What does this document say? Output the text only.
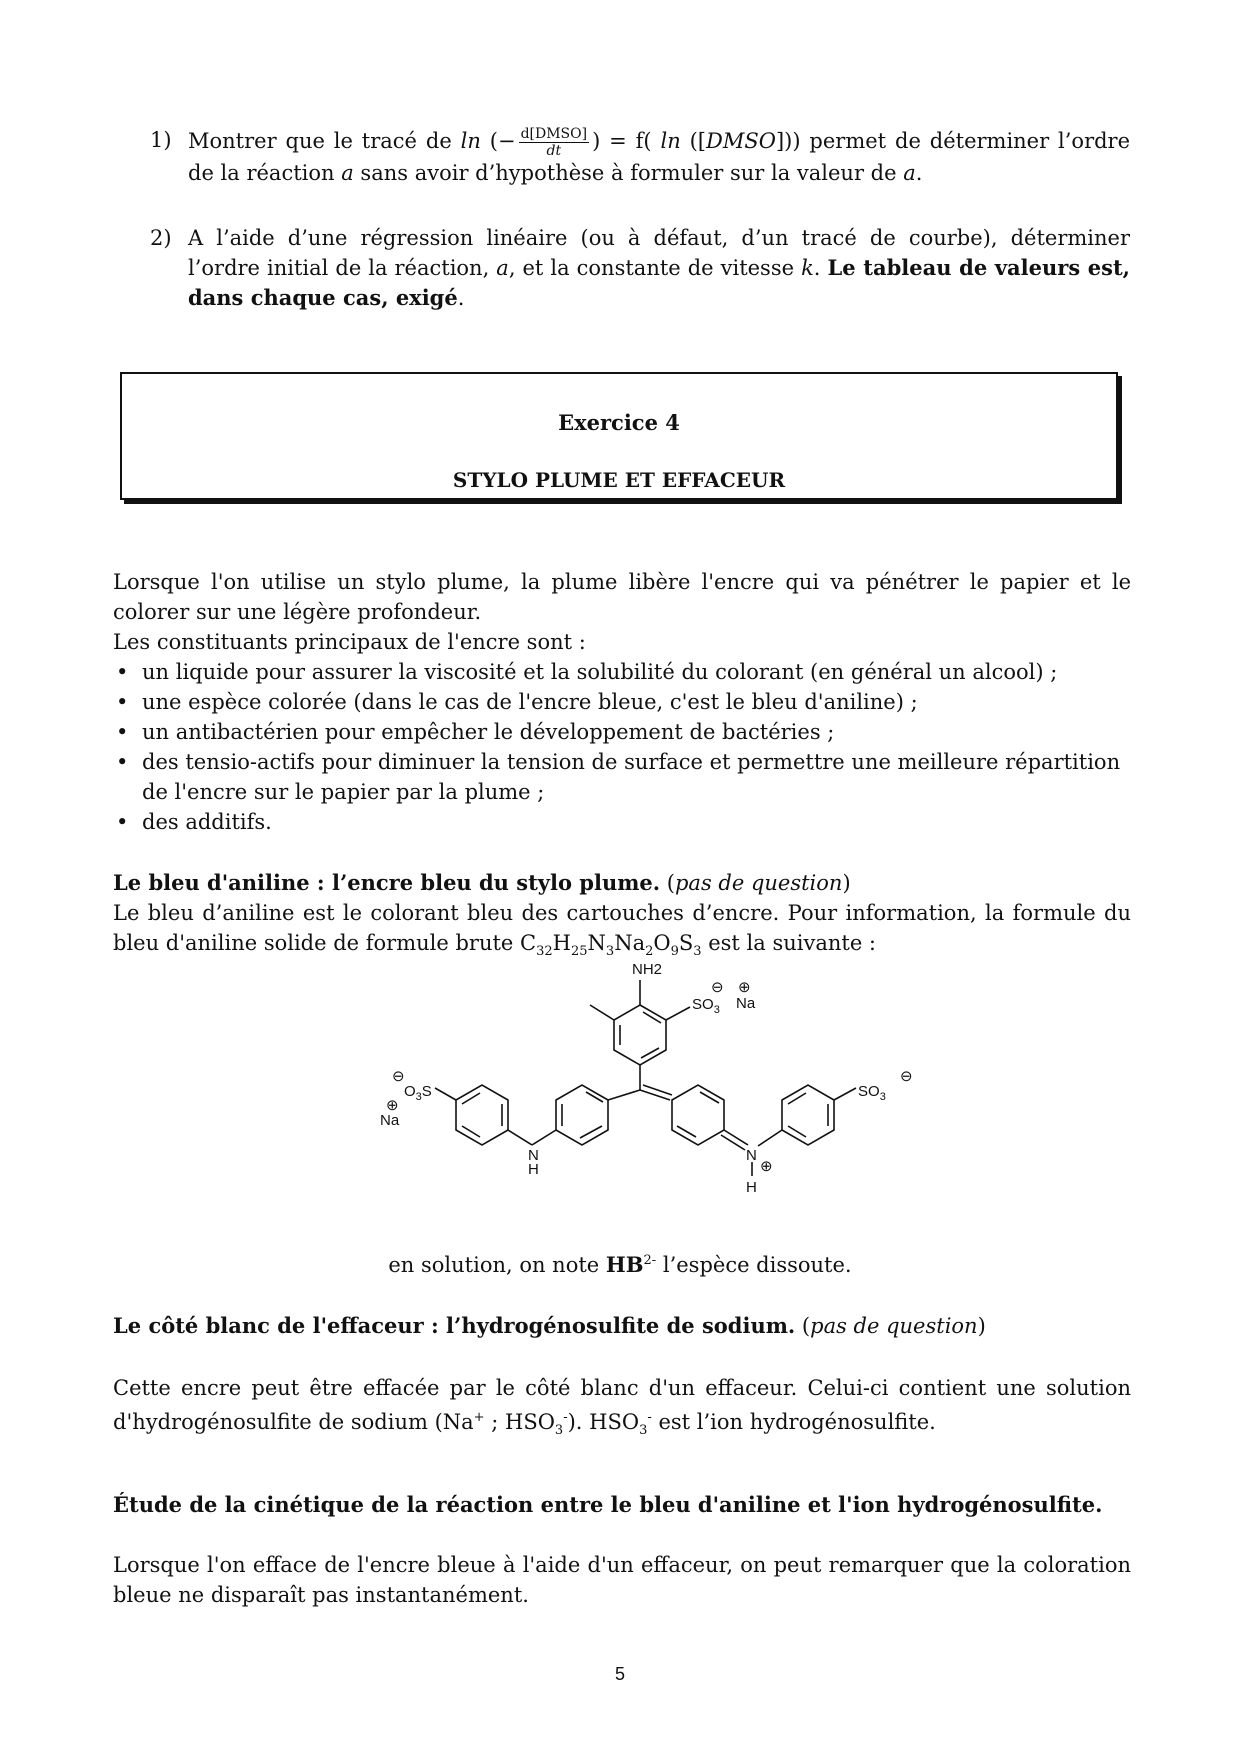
1) Montrer que le tracé de ln (− $\frac{\text{d[DMSO]}}{dt}$ ) = f( ln ([DMSO])) permet de déterminer l’ordre de la réaction a sans avoir d’hypothèse à formuler sur la valeur de a.
2) A l’aide d’une régression linéaire (ou à défaut, d’un tracé de courbe), déterminer l’ordre initial de la réaction, a, et la constante de vitesse k. Le tableau de valeurs est, dans chaque cas, exigé.
Exercice 4
STYLO PLUME ET EFFACEUR
Lorsque l'on utilise un stylo plume, la plume libère l'encre qui va pénétrer le papier et le colorer sur une légère profondeur.
Les constituants principaux de l'encre sont :
• un liquide pour assurer la viscosité et la solubilité du colorant (en général un alcool) ;
• une espèce colorée (dans le cas de l'encre bleue, c'est le bleu d'aniline) ;
• un antibactérien pour empêcher le développement de bactéries ;
• des tensio-actifs pour diminuer la tension de surface et permettre une meilleure répartition de l'encre sur le papier par la plume ;
• des additifs.
Le bleu d'aniline : l’encre bleu du stylo plume. (pas de question)
Le bleu d’aniline est le colorant bleu des cartouches d’encre. Pour information, la formule du bleu d'aniline solide de formule brute $C_{32}H_{25}N_3Na_2O_9S_3$ est la suivante :
NH2
$SO_3$
⊖ ⊕
Na
N
H
$O_3S$
⊖
⊕
Na
N
⊕
H
$SO_3$
⊖
en solution, on note $HB^{2-}$ l’espèce dissoute.
Le côté blanc de l'effaceur : l’hydrogénosulfite de sodium. (pas de question)
Cette encre peut être effacée par le côté blanc d'un effaceur. Celui-ci contient une solution d'hydrogénosulfite de sodium (Na+ ; $HSO_3^-$). $HSO_3^-$ est l’ion hydrogénosulfite.
Étude de la cinétique de la réaction entre le bleu d'aniline et l'ion hydrogénosulfite.
Lorsque l'on efface de l'encre bleue à l'aide d'un effaceur, on peut remarquer que la coloration bleue ne disparaît pas instantanément.
5
